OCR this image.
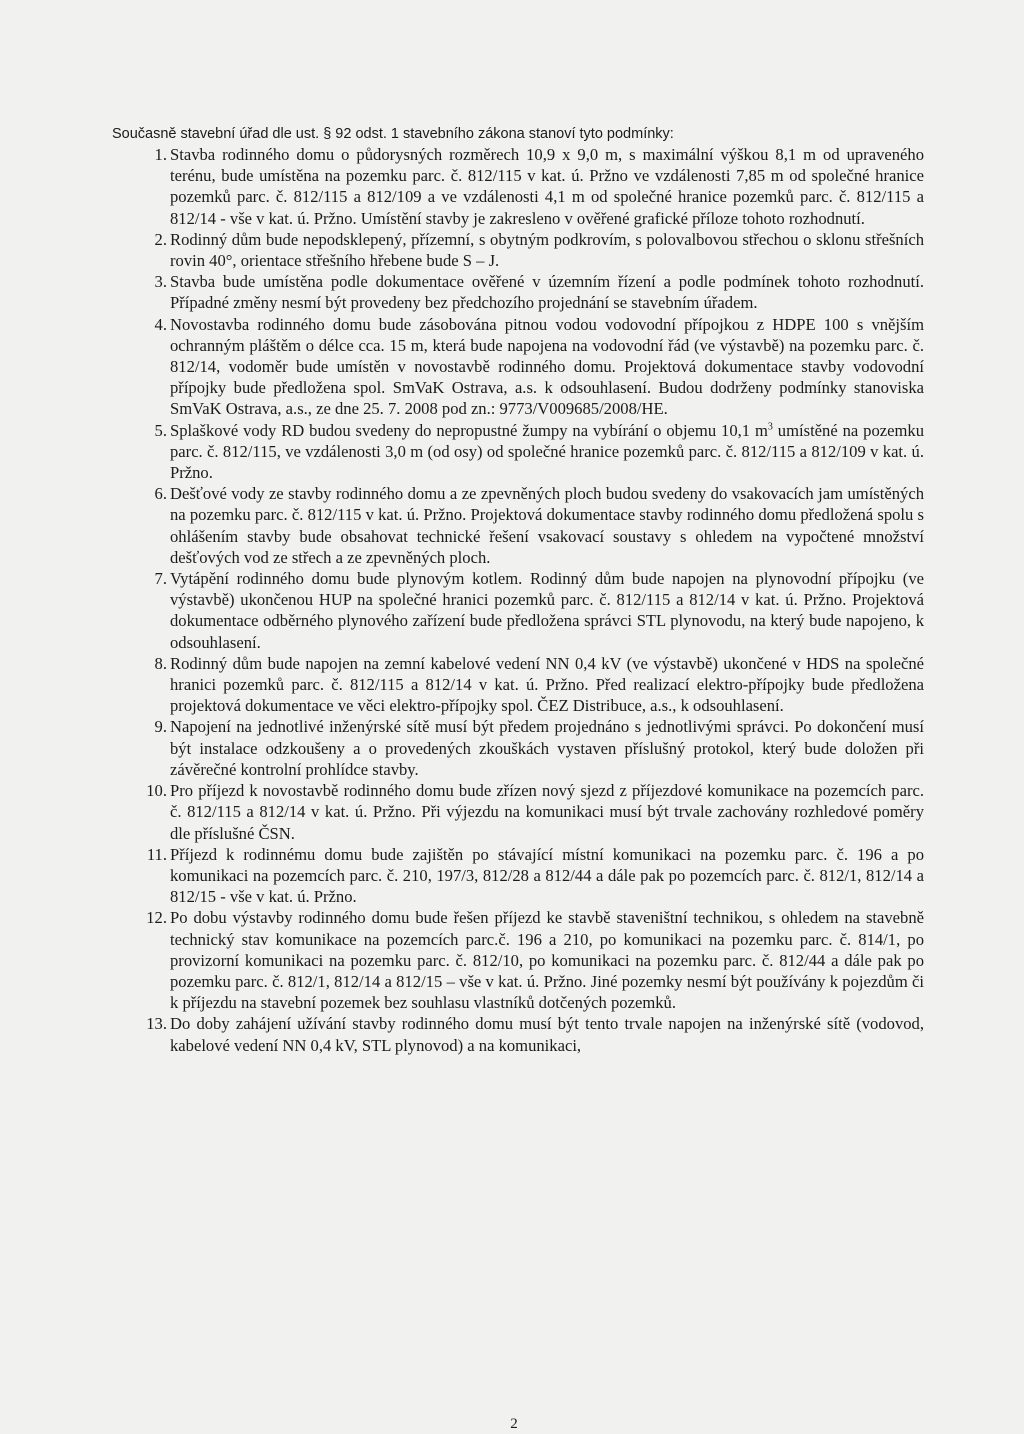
Současně stavební úřad dle ust. § 92 odst. 1 stavebního zákona stanoví tyto podmínky:
1. Stavba rodinného domu o půdorysných rozměrech 10,9 x 9,0 m, s maximální výškou 8,1 m od upraveného terénu, bude umístěna na pozemku parc. č. 812/115 v kat. ú. Pržno ve vzdálenosti 7,85 m od společné hranice pozemků parc. č. 812/115 a 812/109 a ve vzdálenosti 4,1 m od společné hranice pozemků parc. č. 812/115 a 812/14 - vše v kat. ú. Pržno. Umístění stavby je zakresleno v ověřené grafické příloze tohoto rozhodnutí.
2. Rodinný dům bude nepodsklepený, přízemní, s obytným podkrovím, s polovalbovou střechou o sklonu střešních rovin 40°, orientace střešního hřebene bude S – J.
3. Stavba bude umístěna podle dokumentace ověřené v územním řízení a podle podmínek tohoto rozhodnutí. Případné změny nesmí být provedeny bez předchozího projednání se stavebním úřadem.
4. Novostavba rodinného domu bude zásobována pitnou vodou vodovodní přípojkou z HDPE 100 s vnějším ochranným pláštěm o délce cca. 15 m, která bude napojena na vodovodní řád (ve výstavbě) na pozemku parc. č. 812/14, vodoměr bude umístěn v novostavbě rodinného domu. Projektová dokumentace stavby vodovodní přípojky bude předložena spol. SmVaK Ostrava, a.s. k odsouhlasení. Budou dodrženy podmínky stanoviska SmVaK Ostrava, a.s., ze dne 25. 7. 2008 pod zn.: 9773/V009685/2008/HE.
5. Splaškové vody RD budou svedeny do nepropustné žumpy na vybírání o objemu 10,1 $m^3$ umístěné na pozemku parc. č. 812/115, ve vzdálenosti 3,0 m (od osy) od společné hranice pozemků parc. č. 812/115 a 812/109 v kat. ú. Pržno.
6. Dešťové vody ze stavby rodinného domu a ze zpevněných ploch budou svedeny do vsakovacích jam umístěných na pozemku parc. č. 812/115 v kat. ú. Pržno. Projektová dokumentace stavby rodinného domu předložená spolu s ohlášením stavby bude obsahovat technické řešení vsakovací soustavy s ohledem na vypočtené množství dešťových vod ze střech a ze zpevněných ploch.
7. Vytápění rodinného domu bude plynovým kotlem. Rodinný dům bude napojen na plynovodní přípojku (ve výstavbě) ukončenou HUP na společné hranici pozemků parc. č. 812/115 a 812/14 v kat. ú. Pržno. Projektová dokumentace odběrného plynového zařízení bude předložena správci STL plynovodu, na který bude napojeno, k odsouhlasení.
8. Rodinný dům bude napojen na zemní kabelové vedení NN 0,4 kV (ve výstavbě) ukončené v HDS na společné hranici pozemků parc. č. 812/115 a 812/14 v kat. ú. Pržno. Před realizací elektro-přípojky bude předložena projektová dokumentace ve věci elektro-přípojky spol. ČEZ Distribuce, a.s., k odsouhlasení.
9. Napojení na jednotlivé inženýrské sítě musí být předem projednáno s jednotlivými správci. Po dokončení musí být instalace odzkoušeny a o provedených zkouškách vystaven příslušný protokol, který bude doložen při závěrečné kontrolní prohlídce stavby.
10. Pro příjezd k novostavbě rodinného domu bude zřízen nový sjezd z příjezdové komunikace na pozemcích parc. č. 812/115 a 812/14 v kat. ú. Pržno. Při výjezdu na komunikaci musí být trvale zachovány rozhledové poměry dle příslušné ČSN.
11. Příjezd k rodinnému domu bude zajištěn po stávající místní komunikaci na pozemku parc. č. 196 a po komunikaci na pozemcích parc. č. 210, 197/3, 812/28 a 812/44 a dále pak po pozemcích parc. č. 812/1, 812/14 a 812/15 - vše v kat. ú. Pržno.
12. Po dobu výstavby rodinného domu bude řešen příjezd ke stavbě staveništní technikou, s ohledem na stavebně technický stav komunikace na pozemcích parc.č. 196 a 210, po komunikaci na pozemku parc. č. 814/1, po provizorní komunikaci na pozemku parc. č. 812/10, po komunikaci na pozemku parc. č. 812/44 a dále pak po pozemku parc. č. 812/1, 812/14 a 812/15 – vše v kat. ú. Pržno. Jiné pozemky nesmí být používány k pojezdům či k příjezdu na stavební pozemek bez souhlasu vlastníků dotčených pozemků.
13. Do doby zahájení užívání stavby rodinného domu musí být tento trvale napojen na inženýrské sítě (vodovod, kabelové vedení NN 0,4 kV, STL plynovod) a na komunikaci,
2
